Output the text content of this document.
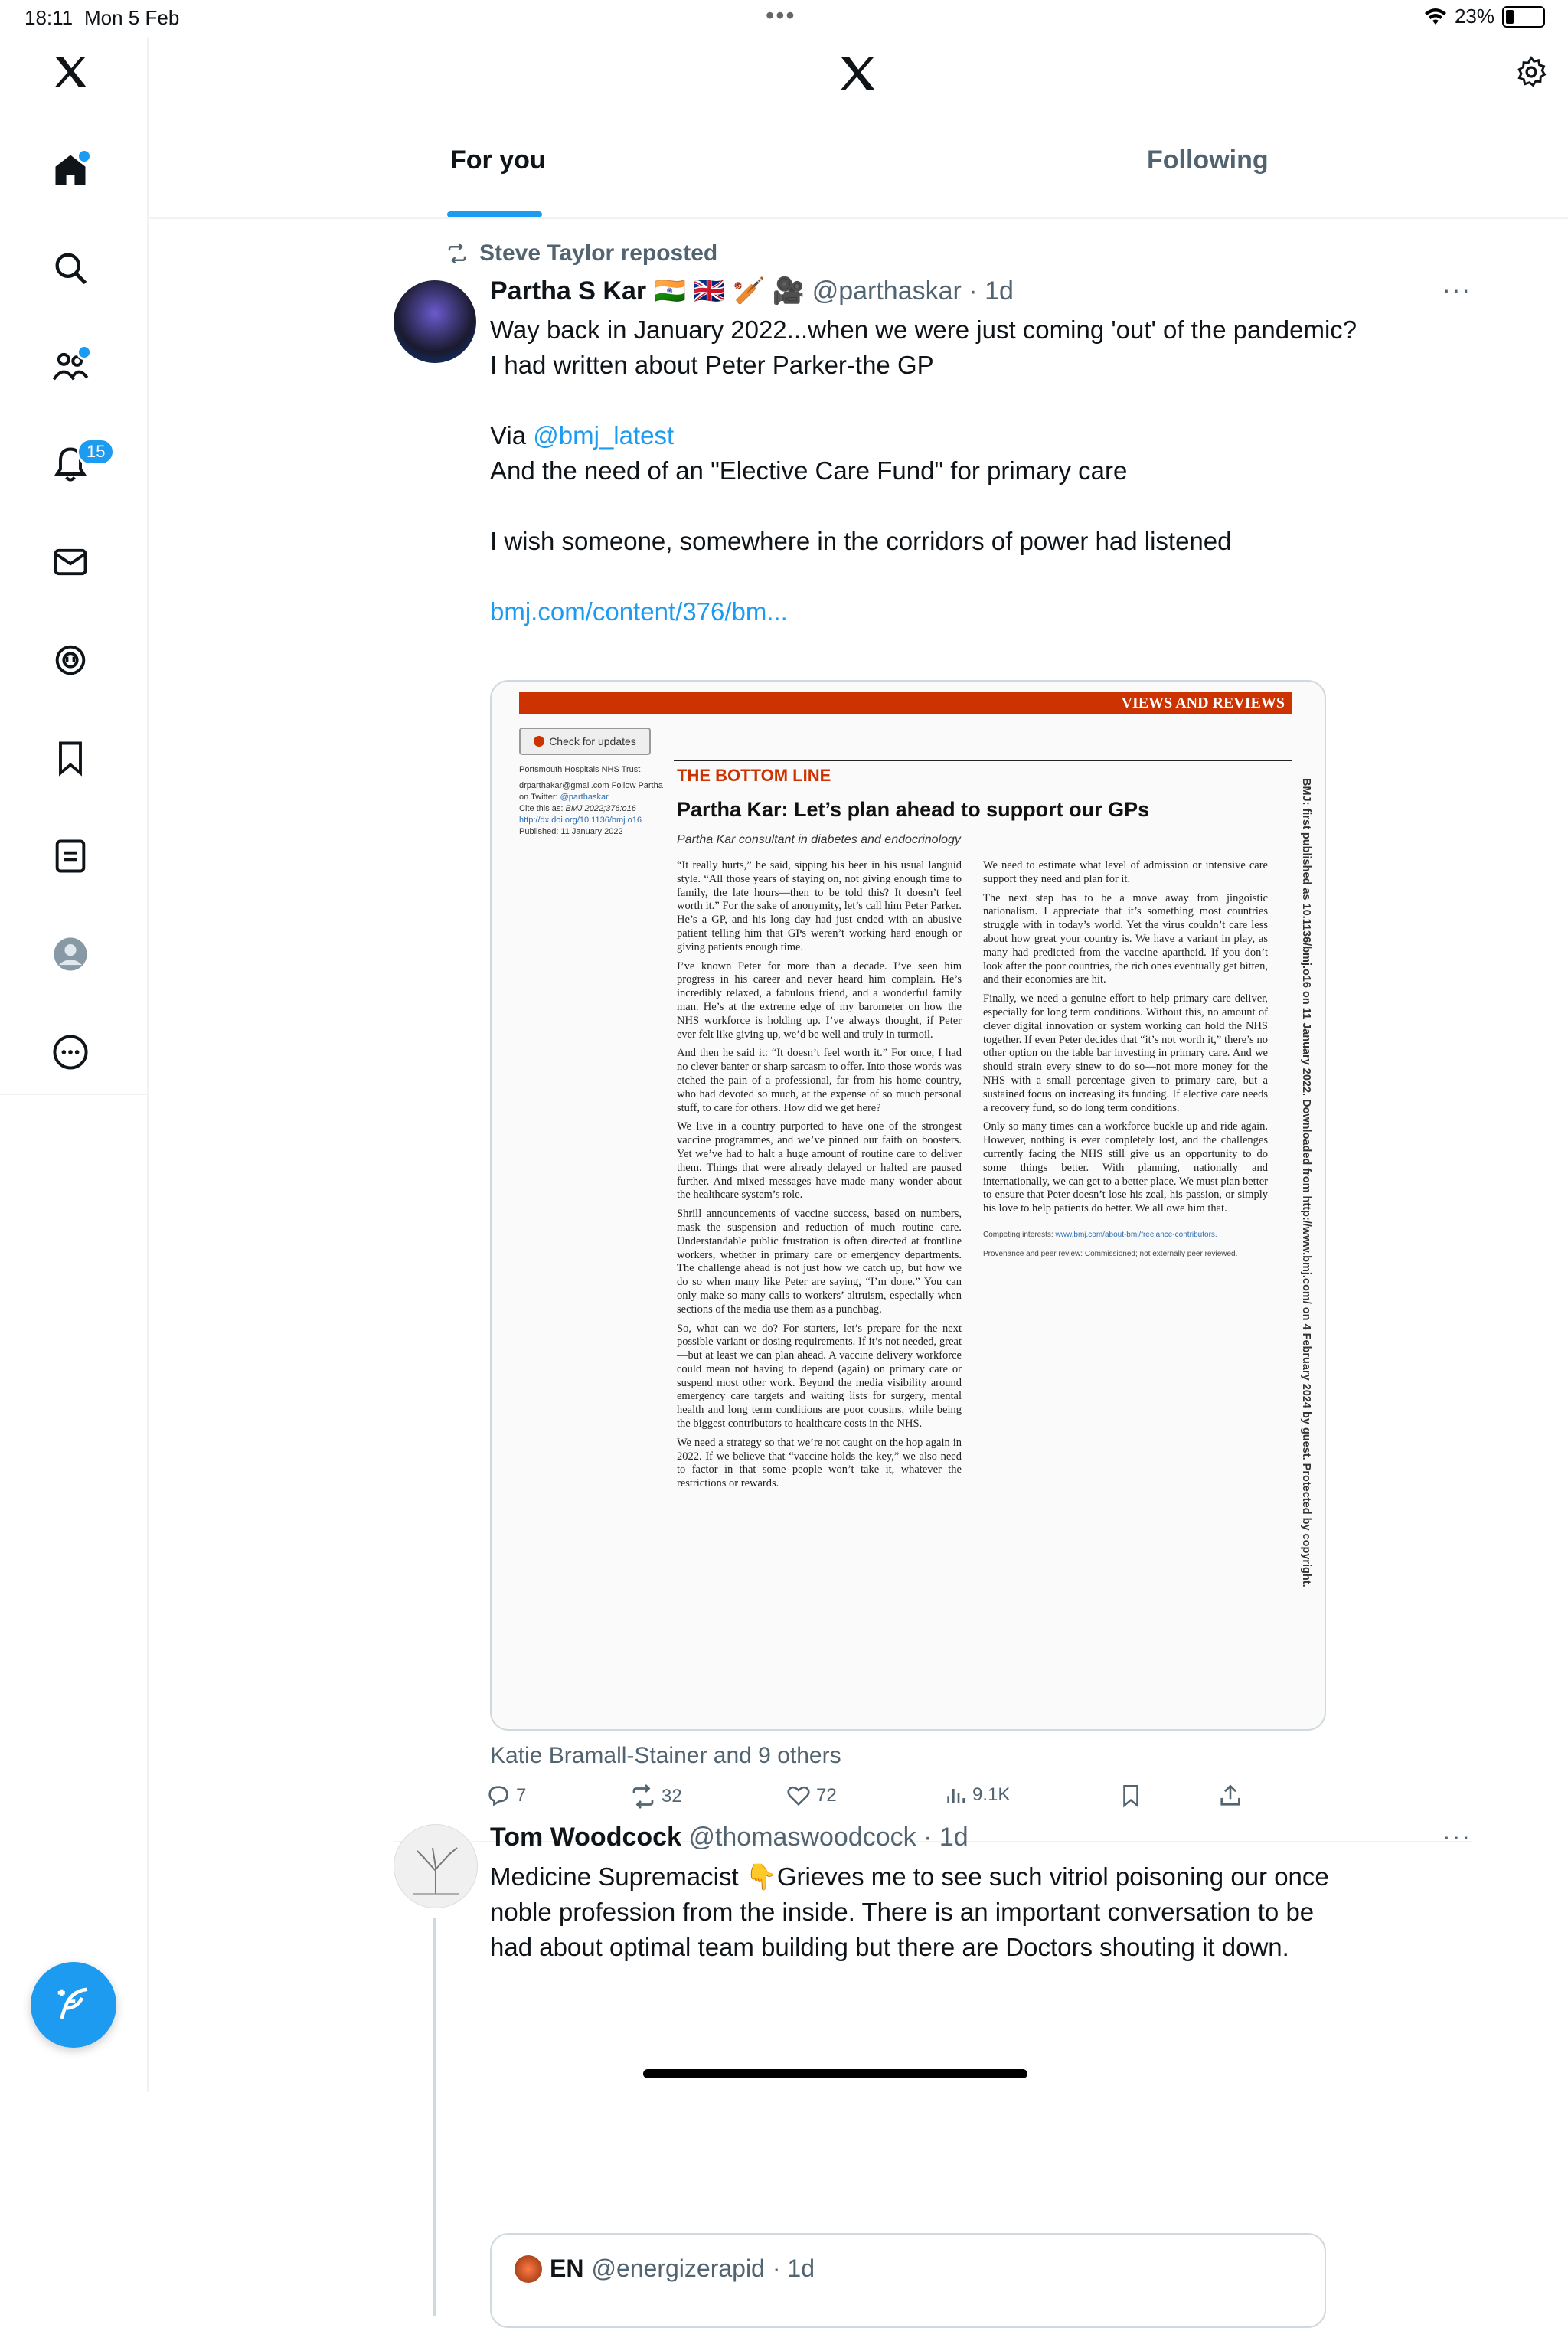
18:11 Mon 5 Feb	•••	23%
15
For you	Following
Steve Taylor reposted
Partha S Kar 🇮🇳 🇬🇧 🏏 🎥 @parthaskar · 1d	···

Way back in January 2022...when we were just coming 'out' of the pandemic?

I had written about Peter Parker-the GP

Via @bmj_latest

And the need of an "Elective Care Fund" for primary care

I wish someone, somewhere in the corridors of power had listened

bmj.com/content/376/bm...

VIEWS AND REVIEWS
Check for updates
Portsmouth Hospitals NHS Trust
drparthakar@gmail.com Follow Partha on Twitter: @parthaskar
Cite this as: BMJ 2022;376:o16
http://dx.doi.org/10.1136/bmj.o16
Published: 11 January 2022
THE BOTTOM LINE
Partha Kar: Let’s plan ahead to support our GPs
Partha Kar consultant in diabetes and endocrinology

“It really hurts,” he said, sipping his beer in his usual languid style. “All those years of staying on, not giving enough time to family, the late hours—then to be told this? It doesn’t feel worth it.” For the sake of anonymity, let’s call him Peter Parker. He’s a GP, and his long day had just ended with an abusive patient telling him that GPs weren’t working hard enough or giving patients enough time.

I’ve known Peter for more than a decade. I’ve seen him progress in his career and never heard him complain. He’s incredibly relaxed, a fabulous friend, and a wonderful family man. He’s at the extreme edge of my barometer on how the NHS workforce is holding up. I’ve always thought, if Peter ever felt like giving up, we’d be well and truly in turmoil.

And then he said it: “It doesn’t feel worth it.” For once, I had no clever banter or sharp sarcasm to offer. Into those words was etched the pain of a professional, far from his home country, who had devoted so much, at the expense of so much personal stuff, to care for others. How did we get here?

We live in a country purported to have one of the strongest vaccine programmes, and we’ve pinned our faith on boosters. Yet we’ve had to halt a huge amount of routine care to deliver them. Things that were already delayed or halted are paused further. And mixed messages have made many wonder about the healthcare system’s role.

Shrill announcements of vaccine success, based on numbers, mask the suspension and reduction of much routine care. Understandable public frustration is often directed at frontline workers, whether in primary care or emergency departments. The challenge ahead is not just how we catch up, but how we do so when many like Peter are saying, “I’m done.” You can only make so many calls to workers’ altruism, especially when sections of the media use them as a punchbag.

So, what can we do? For starters, let’s prepare for the next possible variant or dosing requirements. If it’s not needed, great—but at least we can plan ahead. A vaccine delivery workforce could mean not having to depend (again) on primary care or suspend most other work. Beyond the media visibility around emergency care targets and waiting lists for surgery, mental health and long term conditions are poor cousins, while being the biggest contributors to healthcare costs in the NHS.

We need a strategy so that we’re not caught on the hop again in 2022. If we believe that “vaccine holds the key,” we also need to factor in that some people won’t take it, whatever the restrictions or rewards.

We need to estimate what level of admission or intensive care support they need and plan for it.

The next step has to be a move away from jingoistic nationalism. I appreciate that it’s something most countries struggle with in today’s world. Yet the virus couldn’t care less about how great your country is. We have a variant in play, as many had predicted from the vaccine apartheid. If you don’t look after the poor countries, the rich ones eventually get bitten, and their economies are hit.

Finally, we need a genuine effort to help primary care deliver, especially for long term conditions. Without this, no amount of clever digital innovation or system working can hold the NHS together. If even Peter decides that “it’s not worth it,” there’s no other option on the table bar investing in primary care. And we should strain every sinew to do so—not more money for the NHS with a small percentage given to primary care, but a sustained focus on increasing its funding. If elective care needs a recovery fund, so do long term conditions.

Only so many times can a workforce buckle up and ride again. However, nothing is ever completely lost, and the challenges currently facing the NHS still give us an opportunity to do some things better. With planning, nationally and internationally, we can get to a better place. We must plan better to ensure that Peter doesn’t lose his zeal, his passion, or simply his love to help patients do better. We all owe him that.

Competing interests: www.bmj.com/about-bmj/freelance-contributors.

Provenance and peer review: Commissioned; not externally peer reviewed.	BMJ: first published as 10.1136/bmj.o16 on 11 January 2022. Downloaded from http://www.bmj.com/ on 4 February 2024 by guest. Protected by copyright.
Katie Bramall-Stainer and 9 others
7	32	72	9.1K
Tom Woodcock @thomaswoodcock · 1d	···

Medicine Supremacist 👇Grieves me to see such vitriol poisoning our once noble profession from the inside. There is an important conversation to be had about optimal team building but there are Doctors shouting it down.

EN @energizerapid · 1d
